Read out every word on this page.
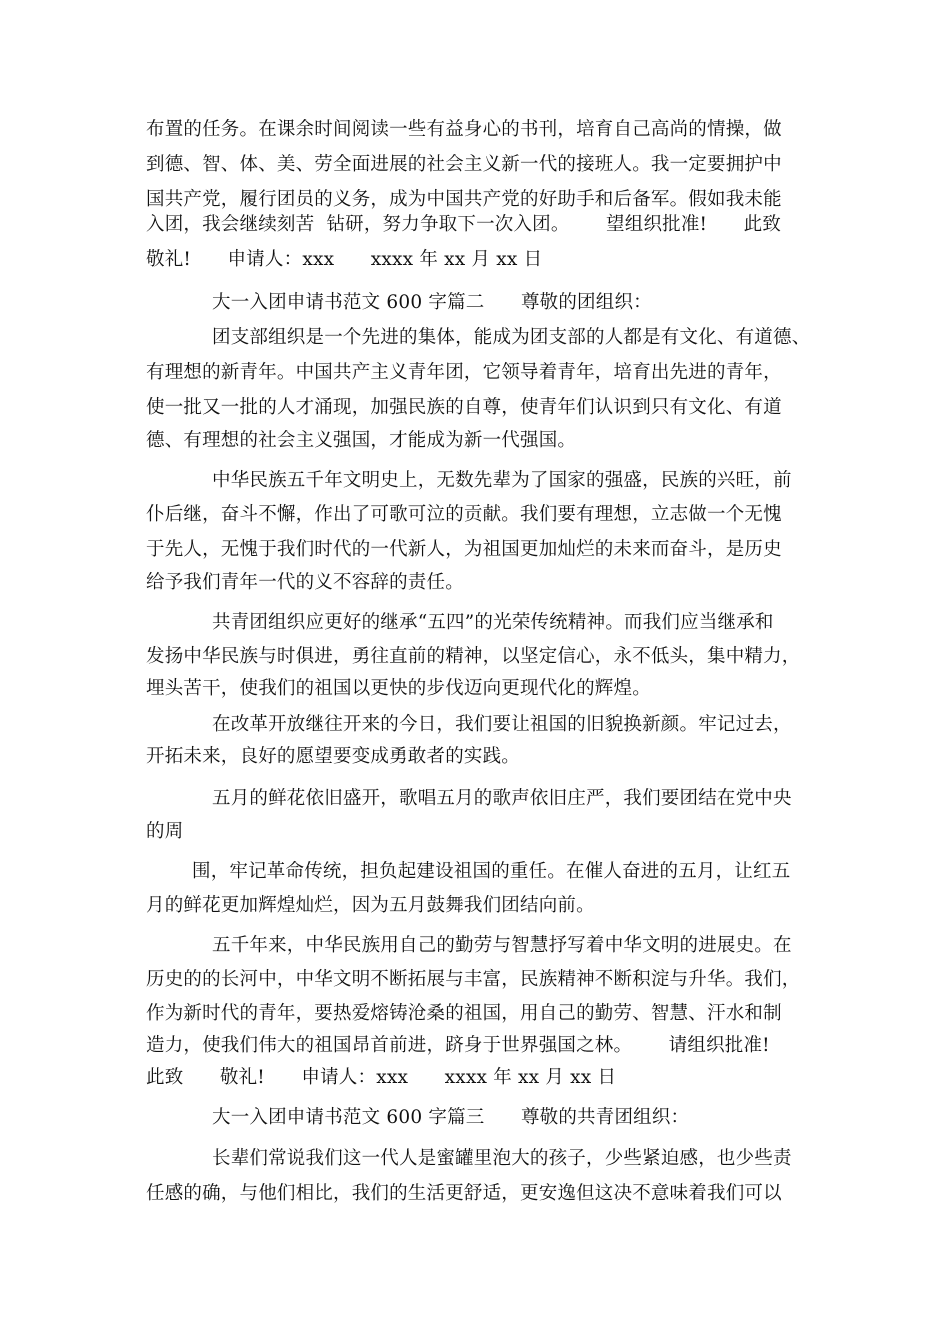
布置的任务。在课余时间阅读一些有益身心的书刊，培育自己高尚的情操，做
到德、智、体、美、劳全面进展的社会主义新一代的接班人。我一定要拥护中
国共产党，履行团员的义务，成为中国共产党的好助手和后备军。假如我未能
入团，我会继续刻苦  钻研，努力争取下一次入团。      望组织批准!      此致
敬礼!      申请人：xxx      xxxx 年 xx 月 xx 日
大一入团申请书范文 600 字篇二      尊敬的团组织：
团支部组织是一个先进的集体，能成为团支部的人都是有文化、有道德、
有理想的新青年。中国共产主义青年团，它领导着青年，培育出先进的青年，
使一批又一批的人才涌现，加强民族的自尊，使青年们认识到只有文化、有道
德、有理想的社会主义强国，才能成为新一代强国。
中华民族五千年文明史上，无数先辈为了国家的强盛，民族的兴旺，前
仆后继，奋斗不懈，作出了可歌可泣的贡献。我们要有理想，立志做一个无愧
于先人，无愧于我们时代的一代新人，为祖国更加灿烂的未来而奋斗，是历史
给予我们青年一代的义不容辞的责任。
共青团组织应更好的继承“五四”的光荣传统精神。而我们应当继承和
发扬中华民族与时俱进，勇往直前的精神，以坚定信心，永不低头，集中精力，
埋头苦干，使我们的祖国以更快的步伐迈向更现代化的辉煌。
在改革开放继往开来的今日，我们要让祖国的旧貌换新颜。牢记过去，
开拓未来，良好的愿望要变成勇敢者的实践。
五月的鲜花依旧盛开，歌唱五月的歌声依旧庄严，我们要团结在党中央
的周
围，牢记革命传统，担负起建设祖国的重任。在催人奋进的五月，让红五
月的鲜花更加辉煌灿烂，因为五月鼓舞我们团结向前。
五千年来，中华民族用自己的勤劳与智慧抒写着中华文明的进展史。在
历史的的长河中，中华文明不断拓展与丰富，民族精神不断积淀与升华。我们，
作为新时代的青年，要热爱熔铸沧桑的祖国，用自己的勤劳、智慧、汗水和制
造力，使我们伟大的祖国昂首前进，跻身于世界强国之林。      请组织批准!
此致      敬礼!      申请人：xxx      xxxx 年 xx 月 xx 日
大一入团申请书范文 600 字篇三      尊敬的共青团组织：
长辈们常说我们这一代人是蜜罐里泡大的孩子，少些紧迫感，也少些责
任感的确，与他们相比，我们的生活更舒适，更安逸但这决不意味着我们可以
